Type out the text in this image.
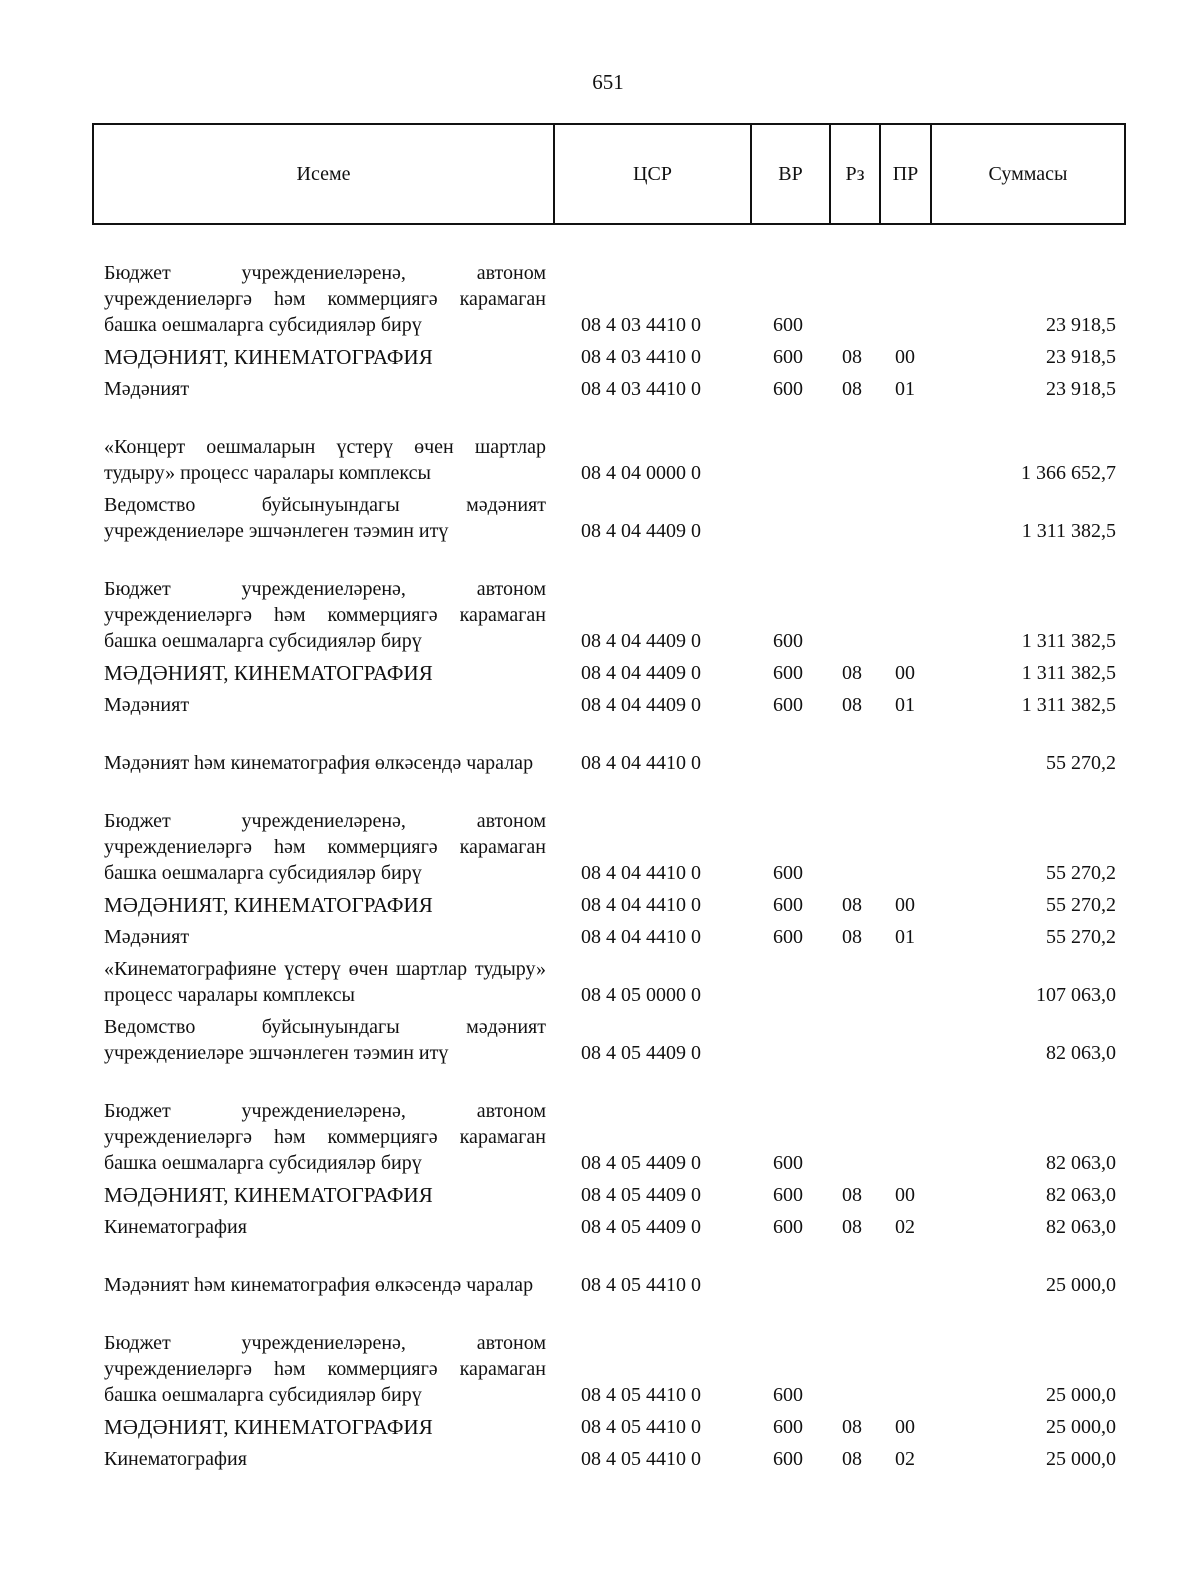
651
Исеме	ЦСР	ВР	Рз	ПР	Суммасы
Бюджет учреждениеләренә, автоном учреждениеләргә һәм коммерциягә карамаган башка оешмаларга субсидияләр бирү	08 4 03 4410 0	600	23 918,5
МӘДӘНИЯТ, КИНЕМАТОГРАФИЯ	08 4 03 4410 0	600 08 00	23 918,5
Мәдәният	08 4 03 4410 0	600 08 01	23 918,5
«Концерт оешмаларын үстерү өчен шартлар тудыру» процесс чаралары комплексы	08 4 04 0000 0	1 366 652,7
Ведомство буйсынуындагы мәдәният учреждениеләре эшчәнлеген тәэмин итү	08 4 04 4409 0	1 311 382,5
Бюджет учреждениеләренә, автоном учреждениеләргә һәм коммерциягә карамаган башка оешмаларга субсидияләр бирү	08 4 04 4409 0	600	1 311 382,5
МӘДӘНИЯТ, КИНЕМАТОГРАФИЯ	08 4 04 4409 0	600 08 00	1 311 382,5
Мәдәният	08 4 04 4409 0	600 08 01	1 311 382,5
Мәдәният һәм кинематография өлкәсендә чаралар	08 4 04 4410 0	55 270,2
Бюджет учреждениеләренә, автоном учреждениеләргә һәм коммерциягә карамаган башка оешмаларга субсидияләр бирү	08 4 04 4410 0	600	55 270,2
МӘДӘНИЯТ, КИНЕМАТОГРАФИЯ	08 4 04 4410 0	600 08 00	55 270,2
Мәдәният	08 4 04 4410 0	600 08 01	55 270,2
«Кинематографияне үстерү өчен шартлар тудыру» процесс чаралары комплексы	08 4 05 0000 0	107 063,0
Ведомство буйсынуындагы мәдәният учреждениеләре эшчәнлеген тәэмин итү	08 4 05 4409 0	82 063,0
Бюджет учреждениеләренә, автоном учреждениеләргә һәм коммерциягә карамаган башка оешмаларга субсидияләр бирү	08 4 05 4409 0	600	82 063,0
МӘДӘНИЯТ, КИНЕМАТОГРАФИЯ	08 4 05 4409 0	600 08 00	82 063,0
Кинематография	08 4 05 4409 0	600 08 02	82 063,0
Мәдәният һәм кинематография өлкәсендә чаралар	08 4 05 4410 0	25 000,0
Бюджет учреждениеләренә, автоном учреждениеләргә һәм коммерциягә карамаган башка оешмаларга субсидияләр бирү	08 4 05 4410 0	600	25 000,0
МӘДӘНИЯТ, КИНЕМАТОГРАФИЯ	08 4 05 4410 0	600 08 00	25 000,0
Кинематография	08 4 05 4410 0	600 08 02	25 000,0
